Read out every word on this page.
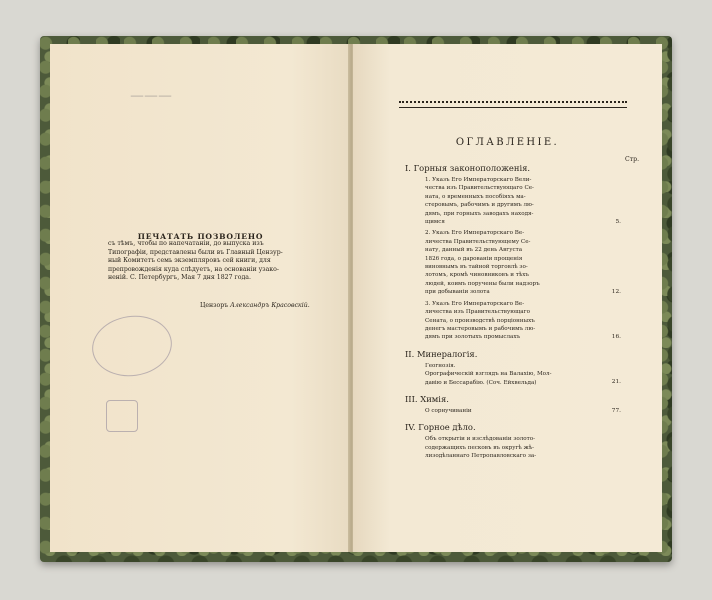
———
ПЕЧАТАТЬ ПОЗВОЛЕНО
съ тѣмъ, чтобы по напечатаніи, до выпуска изъ
Типографіи, представлены были въ Главный Цензур-
ный Комитетъ семь экземпляровъ сей книги, для
препровожденія куда слѣдуетъ, на основаніи узако-
неній. С. Петербургъ, Мая 7 дня 1827 года.
Цензоръ Александръ Красовскій.
ОГЛАВЛЕНІЕ.
Стр.
I. Горныя законоположенія.
1. Указъ Его Императорскаго Вели-
чества изъ Правительствующаго Се-
ната, о временныхъ пособіяхъ ма-
стеровымъ, рабочимъ и другимъ лю-
дямъ, при горныхъ заводахъ находя-
щимся	5.
2. Указъ Его Императорскаго Ве-
личества Правительствующему Се-
нату, данный въ 22 день Августа
1826 года, о дарованіи прощенія
виновнымъ въ тайной торговлѣ зо-
лотомъ, кромѣ чиновниковъ и тѣхъ
людей, коимъ поручены были надзоръ
при добываніи золота	12.
3. Указъ Его Императорскаго Ве-
личества изъ Правительствующаго
Сената, о производствѣ порціонныхъ
денегъ мастеровымъ и рабочимъ лю-
дямъ при золотыхъ промыслахъ	16.
II. Минералогія.
Геогнозія.
Орографическій взглядъ на Валахію, Мол-
давію и Бессарабію. (Соч. Ейхвельда)	21.
III. Химія.
О сорнучиваніи	77.
IV. Горное дѣло.
Объ открытіи и изслѣдованіи золото-
содержащихъ песковъ въ округѣ жѣ-
лизодѣланнаго Петропавловскаго за-
